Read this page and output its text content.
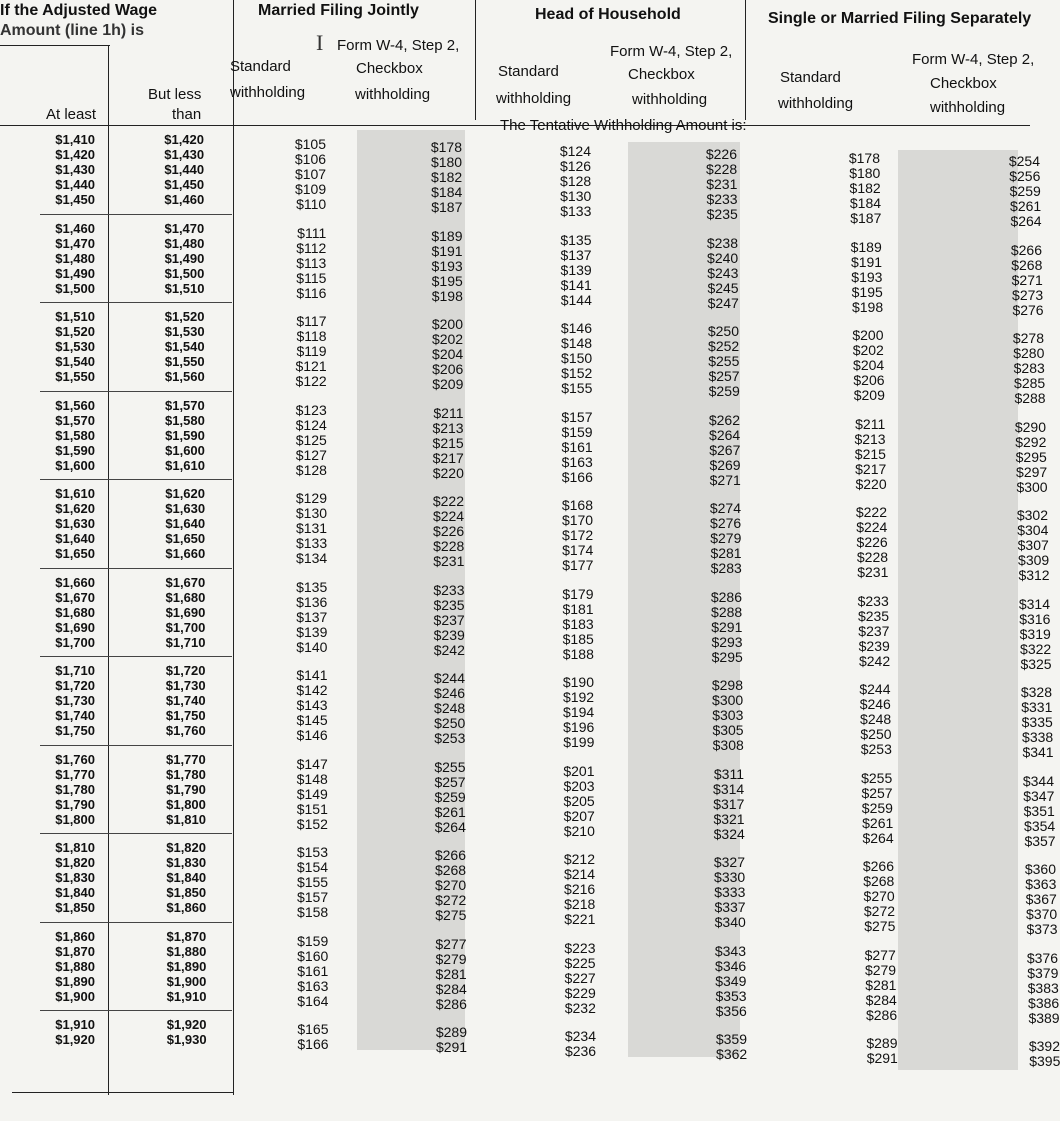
If the Adjusted Wage
Amount (line 1h) is
At least
But less
than
Married Filing Jointly	Head of Household	Single or Married Filing Separately
Standard
withholding
Form W-4, Step 2,
Checkbox
withholding
I
Standard
withholding
Form W-4, Step 2,
Checkbox
withholding
The Tentative Withholding Amount is:
Standard
withholding
Form W-4, Step 2,
Checkbox
withholding
$1,410	$1,420	$105	$178	$124	$226	$178	$254
$1,420	$1,430	$106	$180	$126	$228	$180	$256
$1,430	$1,440	$107	$182	$128	$231	$182	$259
$1,440	$1,450	$109	$184	$130	$233	$184	$261
$1,450	$1,460	$110	$187	$133	$235	$187	$264
$1,460	$1,470	$111	$189	$135	$238	$189	$266
$1,470	$1,480	$112	$191	$137	$240	$191	$268
$1,480	$1,490	$113	$193	$139	$243	$193	$271
$1,490	$1,500	$115	$195	$141	$245	$195	$273
$1,500	$1,510	$116	$198	$144	$247	$198	$276
$1,510	$1,520	$117	$200	$146	$250	$200	$278
$1,520	$1,530	$118	$202	$148	$252	$202	$280
$1,530	$1,540	$119	$204	$150	$255	$204	$283
$1,540	$1,550	$121	$206	$152	$257	$206	$285
$1,550	$1,560	$122	$209	$155	$259	$209	$288
$1,560	$1,570	$123	$211	$157	$262	$211	$290
$1,570	$1,580	$124	$213	$159	$264	$213	$292
$1,580	$1,590	$125	$215	$161	$267	$215	$295
$1,590	$1,600	$127	$217	$163	$269	$217	$297
$1,600	$1,610	$128	$220	$166	$271	$220	$300
$1,610	$1,620	$129	$222	$168	$274	$222	$302
$1,620	$1,630	$130	$224	$170	$276	$224	$304
$1,630	$1,640	$131	$226	$172	$279	$226	$307
$1,640	$1,650	$133	$228	$174	$281	$228	$309
$1,650	$1,660	$134	$231	$177	$283	$231	$312
$1,660	$1,670	$135	$233	$179	$286	$233	$314
$1,670	$1,680	$136	$235	$181	$288	$235	$316
$1,680	$1,690	$137	$237	$183	$291	$237	$319
$1,690	$1,700	$139	$239	$185	$293	$239	$322
$1,700	$1,710	$140	$242	$188	$295	$242	$325
$1,710	$1,720	$141	$244	$190	$298	$244	$328
$1,720	$1,730	$142	$246	$192	$300	$246	$331
$1,730	$1,740	$143	$248	$194	$303	$248	$335
$1,740	$1,750	$145	$250	$196	$305	$250	$338
$1,750	$1,760	$146	$253	$199	$308	$253	$341
$1,760	$1,770	$147	$255	$201	$311	$255	$344
$1,770	$1,780	$148	$257	$203	$314	$257	$347
$1,780	$1,790	$149	$259	$205	$317	$259	$351
$1,790	$1,800	$151	$261	$207	$321	$261	$354
$1,800	$1,810	$152	$264	$210	$324	$264	$357
$1,810	$1,820	$153	$266	$212	$327	$266	$360
$1,820	$1,830	$154	$268	$214	$330	$268	$363
$1,830	$1,840	$155	$270	$216	$333	$270	$367
$1,840	$1,850	$157	$272	$218	$337	$272	$370
$1,850	$1,860	$158	$275	$221	$340	$275	$373
$1,860	$1,870	$159	$277	$223	$343	$277	$376
$1,870	$1,880	$160	$279	$225	$346	$279	$379
$1,880	$1,890	$161	$281	$227	$349	$281	$383
$1,890	$1,900	$163	$284	$229	$353	$284	$386
$1,900	$1,910	$164	$286	$232	$356	$286	$389
$1,910	$1,920	$165	$289	$234	$359	$289	$392
$1,920	$1,930	$166	$291	$236	$362	$291	$395
